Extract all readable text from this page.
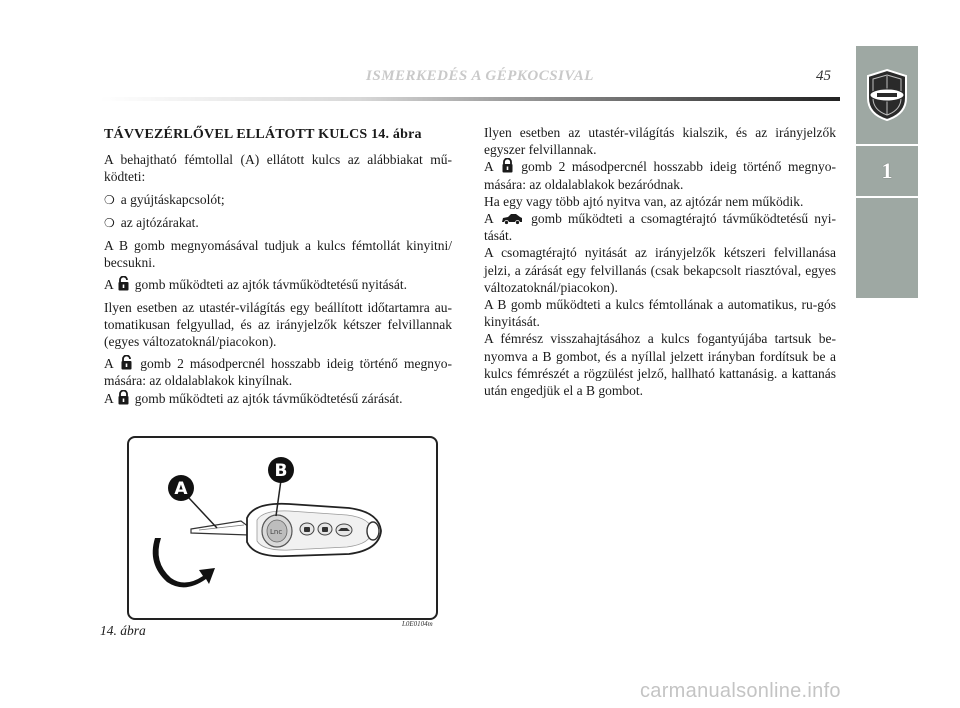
ISMERKEDÉS A GÉPKOCSIVAL	45
1

TÁVVEZÉRLŐVEL ELLÁTOTT KULCS 14. ábra

A behajtható fémtollal (A) ellátott kulcs az alábbiakat mű-ködteti:

❍ a gyújtáskapcsolót;

❍ az ajtózárakat.

A B gomb megnyomásával tudjuk a kulcs fémtollát kinyitni/ becsukni.

A gomb működteti az ajtók távműködtetésű nyitását.

Ilyen esetben az utastér-világítás egy beállított időtartamra au-tomatikusan felgyullad, és az irányjelzők kétszer felvillannak (egyes változatoknál/piacokon).

A gomb 2 másodpercnél hosszabb ideig történő megnyo-mására: az oldalablakok kinyílnak.

A gomb működteti az ajtók távműködtetésű zárását.

Ilyen esetben az utastér-világítás kialszik, és az irányjelzők egyszer felvillannak.

A gomb 2 másodpercnél hosszabb ideig történő megnyo-mására: az oldalablakok bezáródnak.

Ha egy vagy több ajtó nyitva van, az ajtózár nem működik.

A	gomb működteti a csomagtérajtó távműködtetésű nyi-tását.

A csomagtérajtó nyitását az irányjelzők kétszeri felvillanása jelzi, a zárását egy felvillanás (csak bekapcsolt riasztóval, egyes változatoknál/piacokon).

A B gomb működteti a kulcs fémtollának a automatikus, ru-gós kinyitását.

A fémrész visszahajtásához a kulcs fogantyújába tartsuk be-nyomva a B gombot, és a nyíllal jelzett irányban fordítsuk be a kulcs fémrészét a rögzülést jelző, hallható kattanásig. a kattanás után engedjük el a B gombot.

Lnc
A
B
14. ábra	L0E0104m
carmanualsonline.info
